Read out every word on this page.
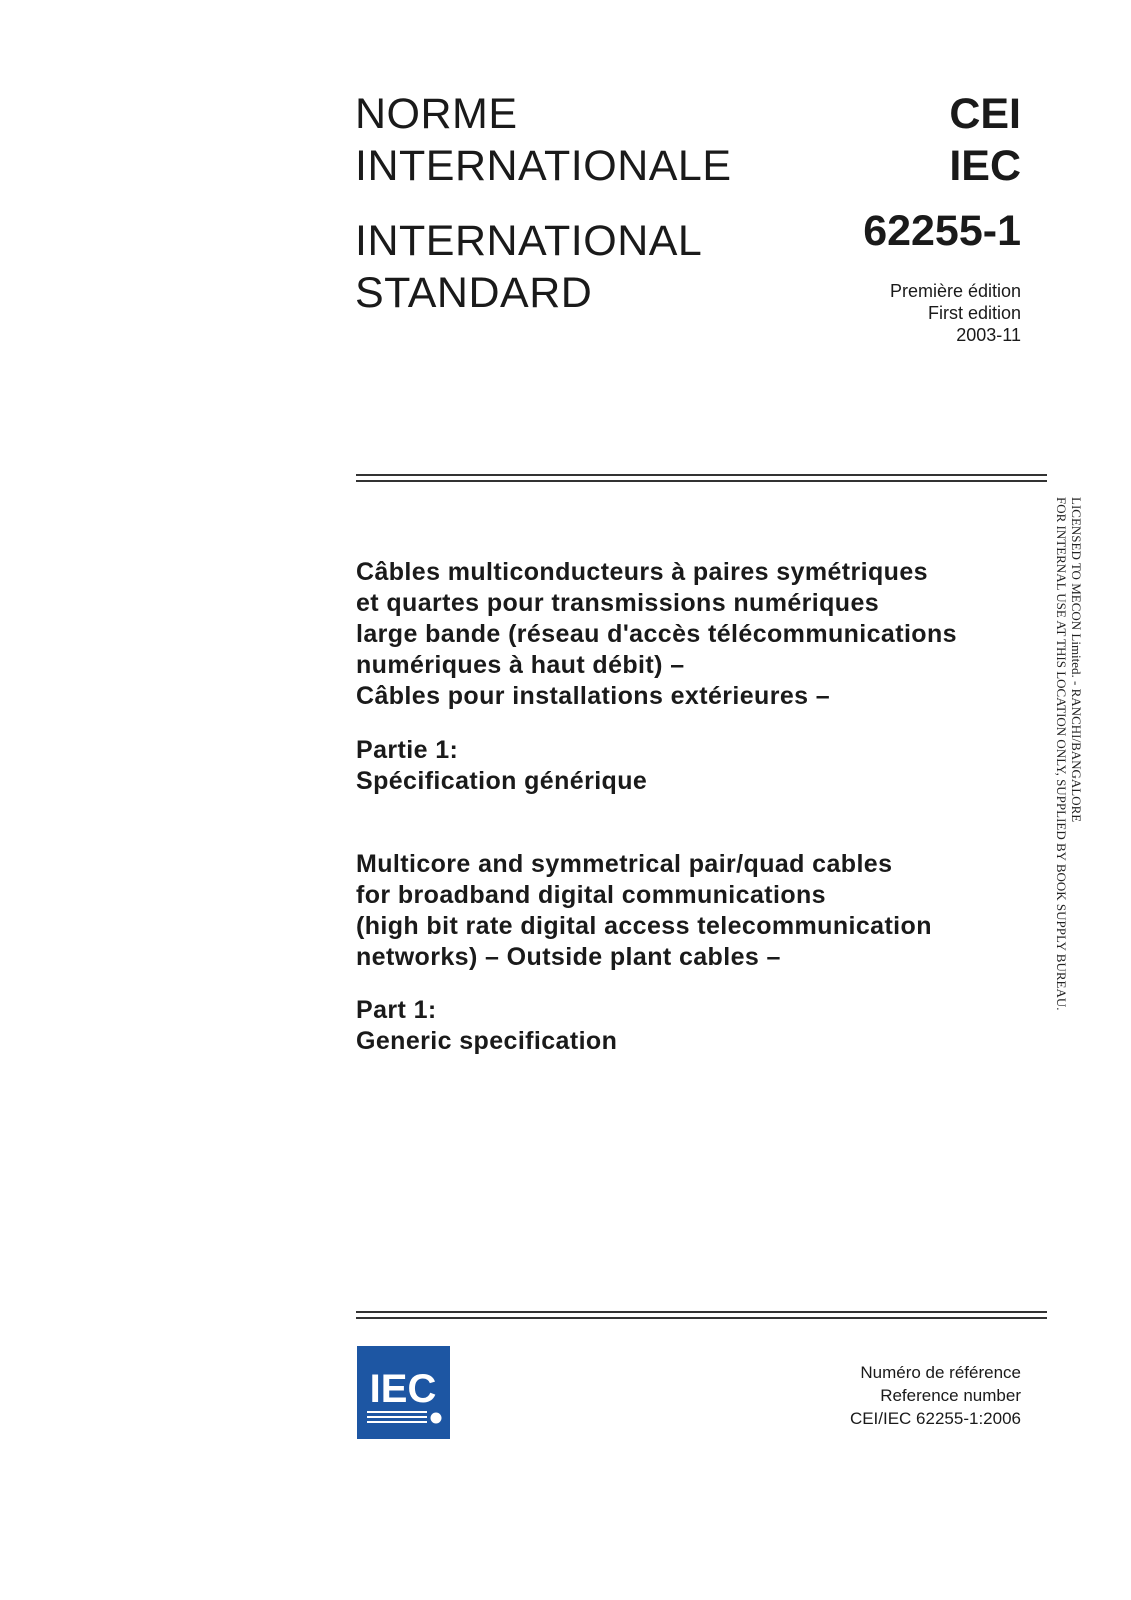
NORME
INTERNATIONALE
INTERNATIONAL
STANDARD
CEI
IEC
62255-1
Première édition
First edition
2003-11
Câbles multiconducteurs à paires symétriques
et quartes pour transmissions numériques
large bande (réseau d'accès télécommunications
numériques à haut débit) –
Câbles pour installations extérieures –
Partie 1:
Spécification générique
Multicore and symmetrical pair/quad cables
for broadband digital communications
(high bit rate digital access telecommunication
networks) – Outside plant cables –
Part 1:
Generic specification
LICENSED TO MECON Limited. - RANCHI/BANGALORE
FOR INTERNAL USE AT THIS LOCATION ONLY, SUPPLIED BY BOOK SUPPLY BUREAU.
IEC	Numéro de référence
Reference number
CEI/IEC 62255-1:2006
